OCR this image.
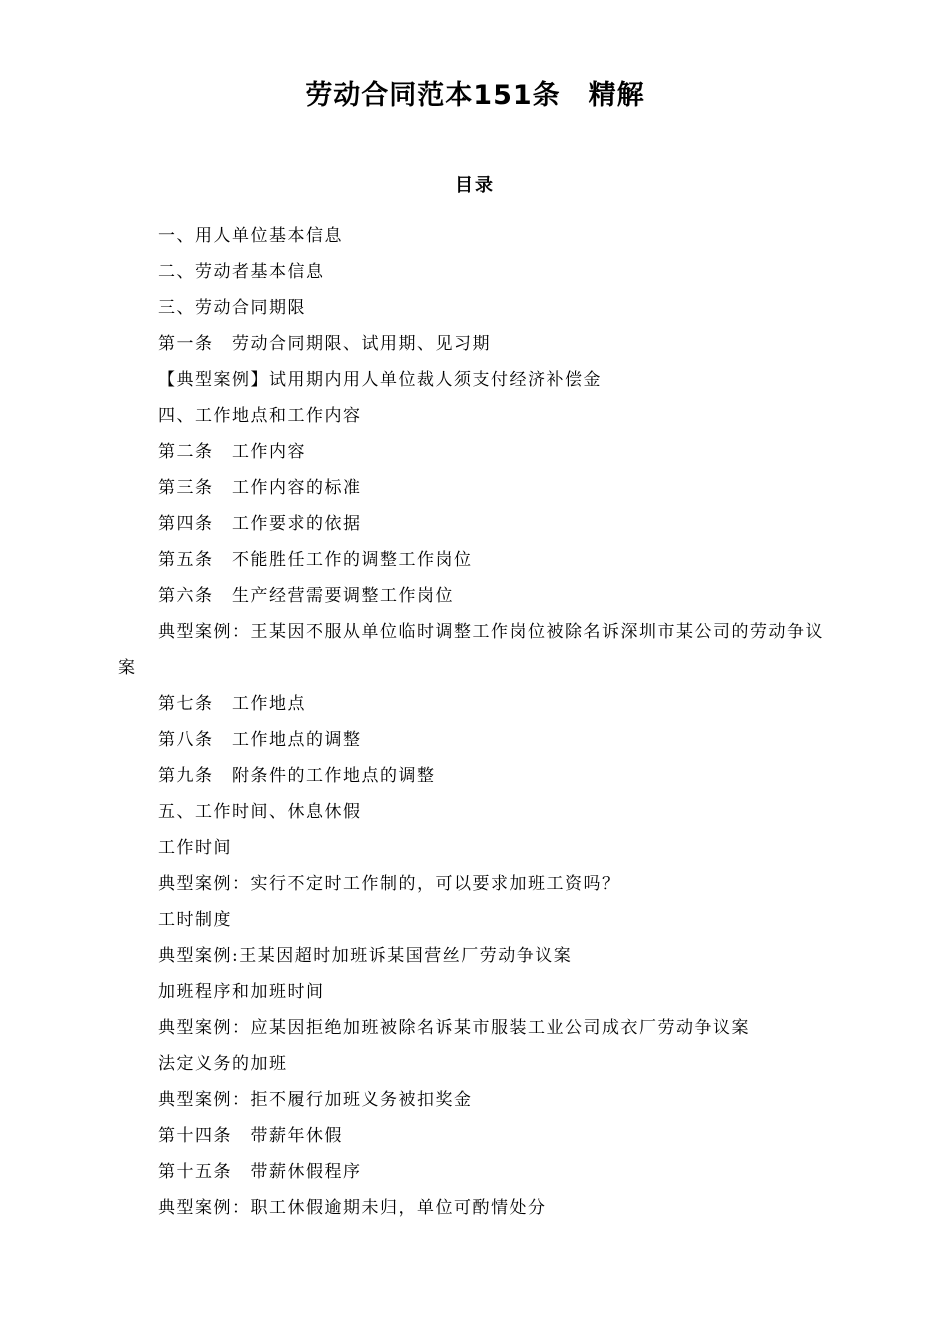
劳动合同范本151条　精解
目录
一、用人单位基本信息
二、劳动者基本信息
三、劳动合同期限
第一条　劳动合同期限、试用期、见习期
【典型案例】试用期内用人单位裁人须支付经济补偿金
四、工作地点和工作内容
第二条　工作内容
第三条　工作内容的标准
第四条　工作要求的依据
第五条　不能胜任工作的调整工作岗位
第六条　生产经营需要调整工作岗位
典型案例：王某因不服从单位临时调整工作岗位被除名诉深圳市某公司的劳动争议案
第七条　工作地点
第八条　工作地点的调整
第九条　附条件的工作地点的调整
五、工作时间、休息休假
工作时间
典型案例：实行不定时工作制的，可以要求加班工资吗？
工时制度
典型案例:王某因超时加班诉某国营丝厂劳动争议案
加班程序和加班时间
典型案例：应某因拒绝加班被除名诉某市服装工业公司成衣厂劳动争议案
法定义务的加班
典型案例：拒不履行加班义务被扣奖金
第十四条　带薪年休假
第十五条　带薪休假程序
典型案例：职工休假逾期未归，单位可酌情处分
